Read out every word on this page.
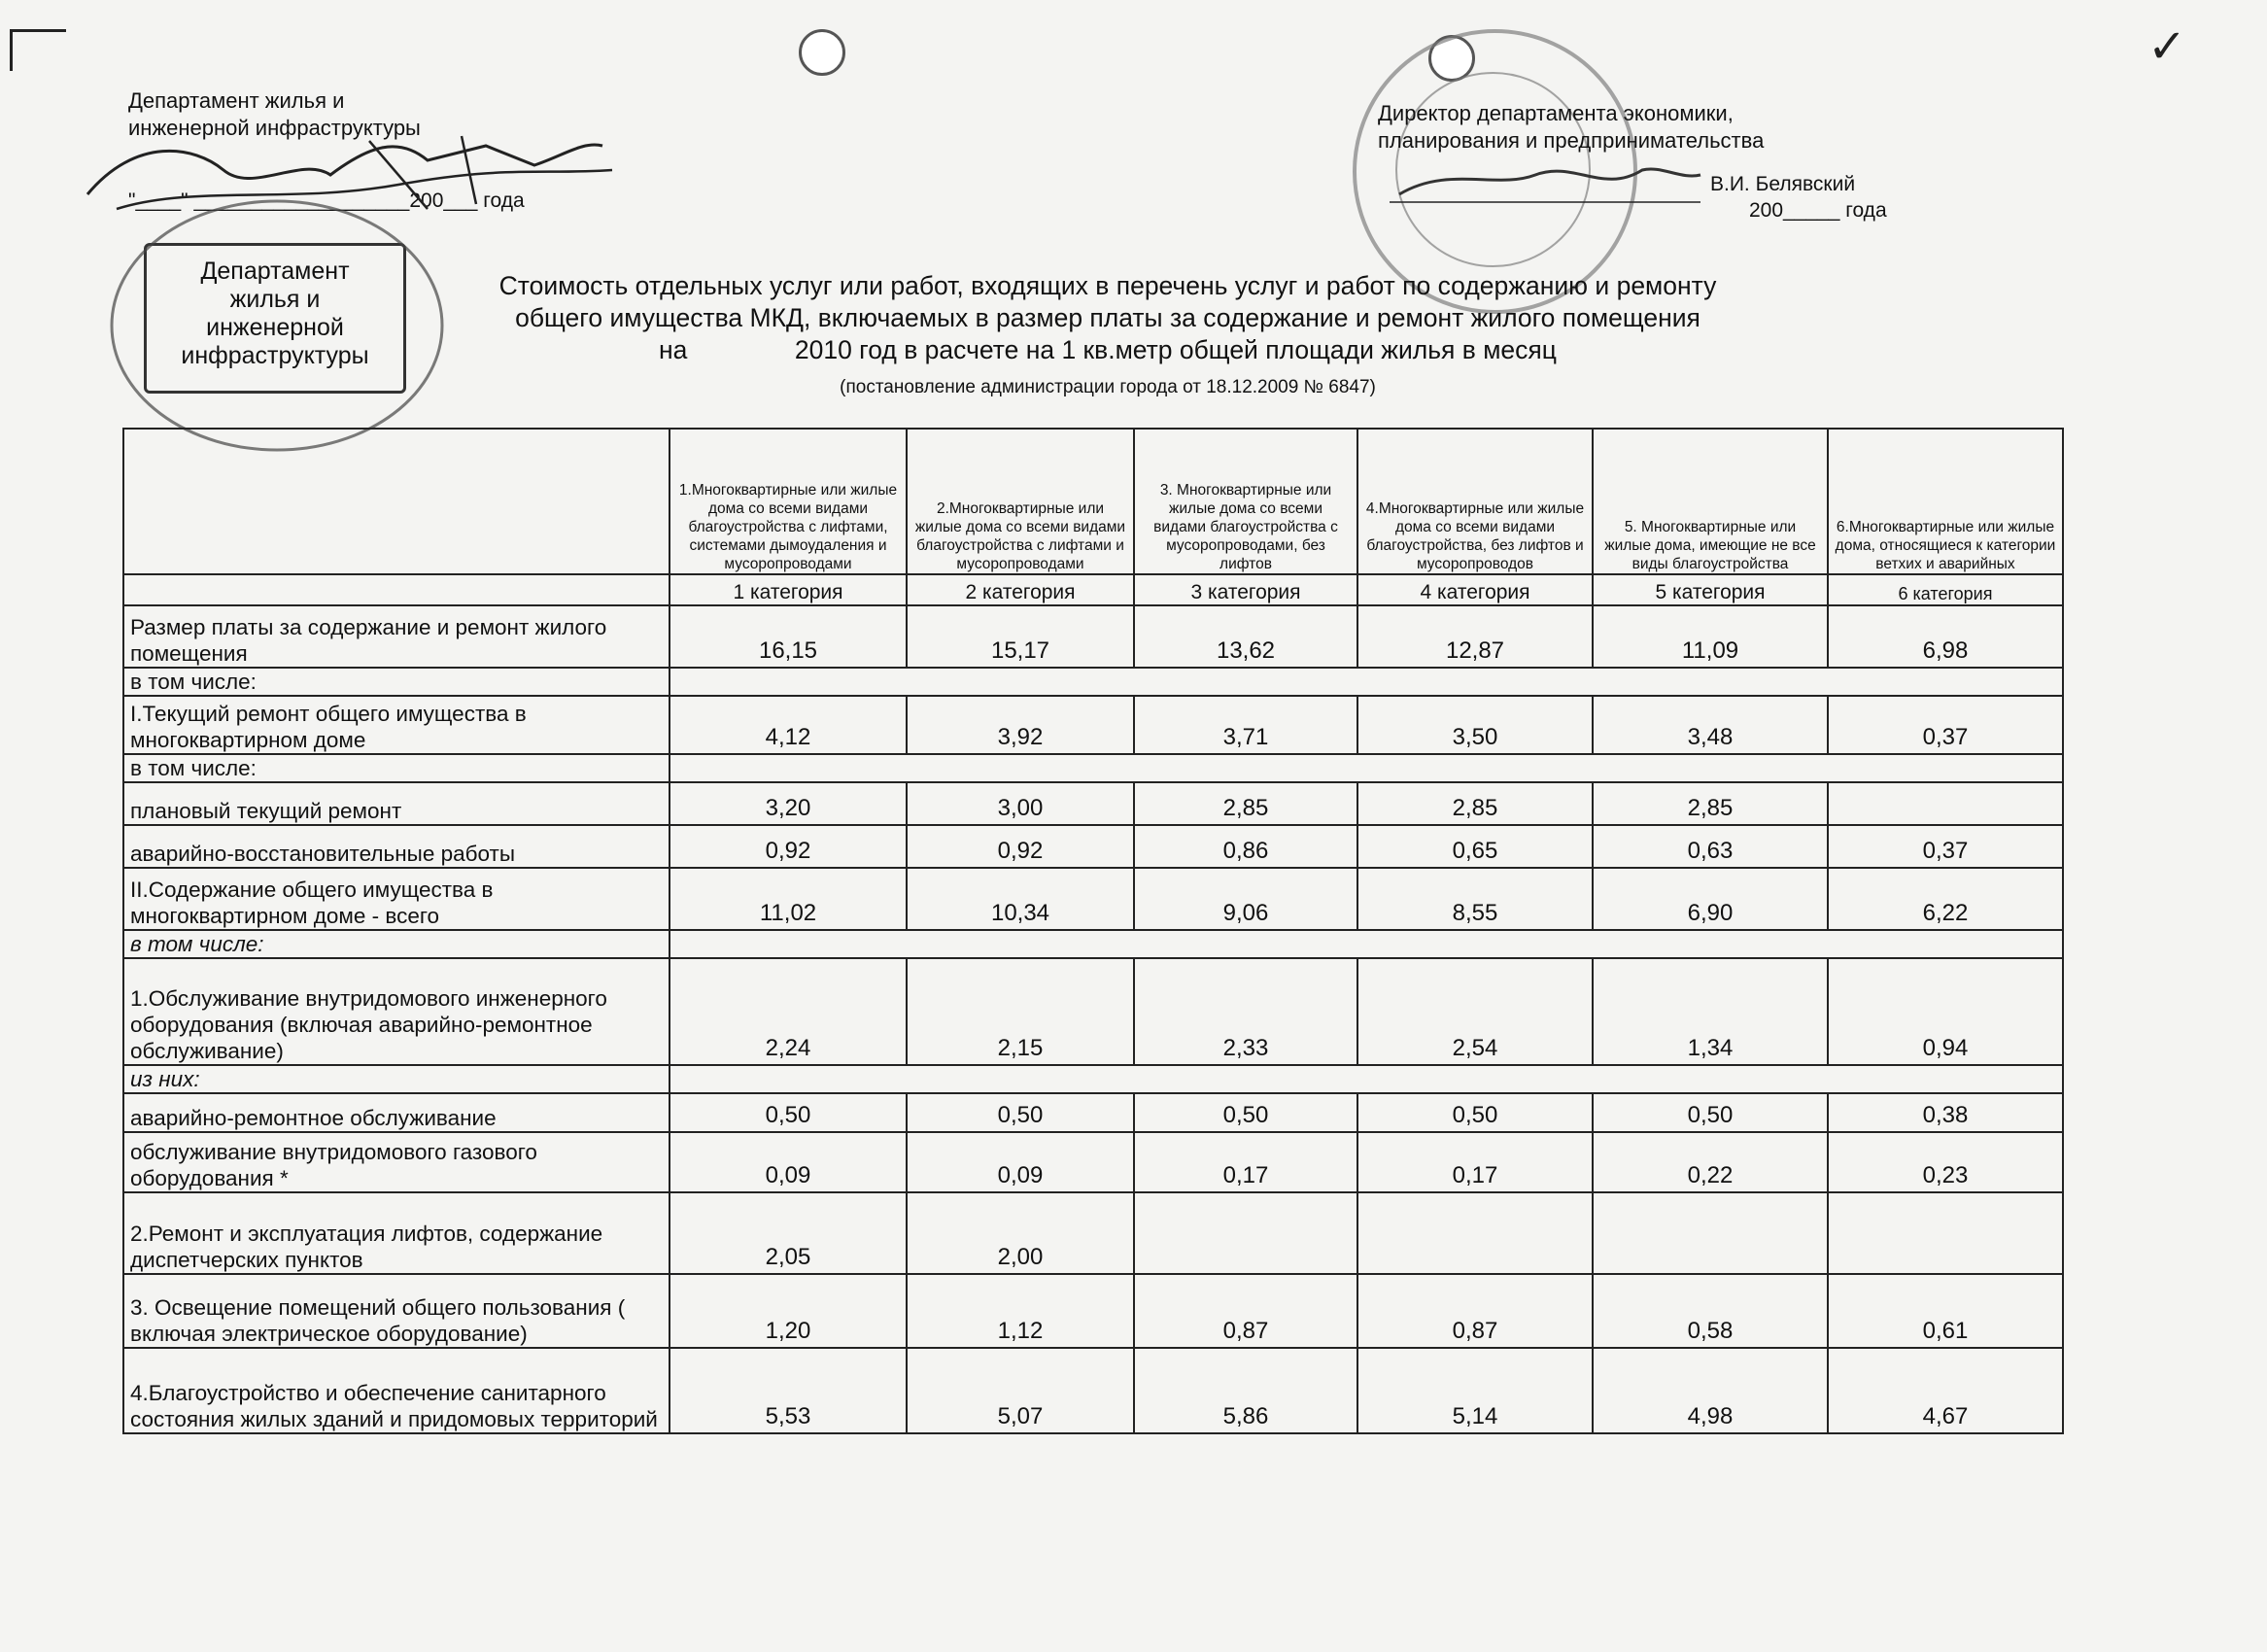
✓
Департамент жилья и
инженерной инфраструктуры
"____" ___________________200___ года
Департамент
жилья и
инженерной
инфраструктуры
Директор департамента экономики,
планирования и предпринимательства
В.И. Белявский
200_____ года
Стоимость отдельных услуг или работ, входящих в перечень услуг и работ по содержанию и ремонту
общего имущества МКД, включаемых в размер платы за содержание и ремонт жилого помещения
на               2010 год в расчете на 1 кв.метр общей площади жилья в месяц
(постановление администрации города от 18.12.2009 № 6847)
	1.Многоквартирные или жилые дома со всеми видами благоустройства с лифтами, системами дымоудаления и мусоропроводами	2.Многоквартирные или жилые дома со всеми видами благоустройства с лифтами и мусоропроводами	3. Многоквартирные или жилые дома со всеми видами благоустройства с мусоропроводами, без лифтов	4.Многоквартирные или жилые дома со всеми видами благоустройства, без лифтов и мусоропроводов	5. Многоквартирные или жилые дома, имеющие не все виды благоустройства	6.Многоквартирные или жилые дома, относящиеся к категории ветхих и аварийных
	1 категория	2 категория	3 категория	4 категория	5 категория	6 категория
Размер платы за содержание и ремонт жилого помещения	16,15	15,17	13,62	12,87	11,09	6,98
в том числе:						
I.Текущий ремонт общего имущества в многоквартирном доме	4,12	3,92	3,71	3,50	3,48	0,37
в том числе:						
плановый текущий ремонт	3,20	3,00	2,85	2,85	2,85	
аварийно-восстановительные работы	0,92	0,92	0,86	0,65	0,63	0,37
II.Содержание общего имущества в многоквартирном доме - всего	11,02	10,34	9,06	8,55	6,90	6,22
в том числе:						
1.Обслуживание внутридомового инженерного оборудования (включая аварийно-ремонтное обслуживание)	2,24	2,15	2,33	2,54	1,34	0,94
из них:						
аварийно-ремонтное обслуживание	0,50	0,50	0,50	0,50	0,50	0,38
обслуживание внутридомового газового оборудования *	0,09	0,09	0,17	0,17	0,22	0,23
2.Ремонт и эксплуатация лифтов, содержание диспетчерских пунктов	2,05	2,00				
3. Освещение помещений общего пользования ( включая электрическое оборудование)	1,20	1,12	0,87	0,87	0,58	0,61
4.Благоустройство и обеспечение санитарного состояния жилых зданий и придомовых территорий	5,53	5,07	5,86	5,14	4,98	4,67
